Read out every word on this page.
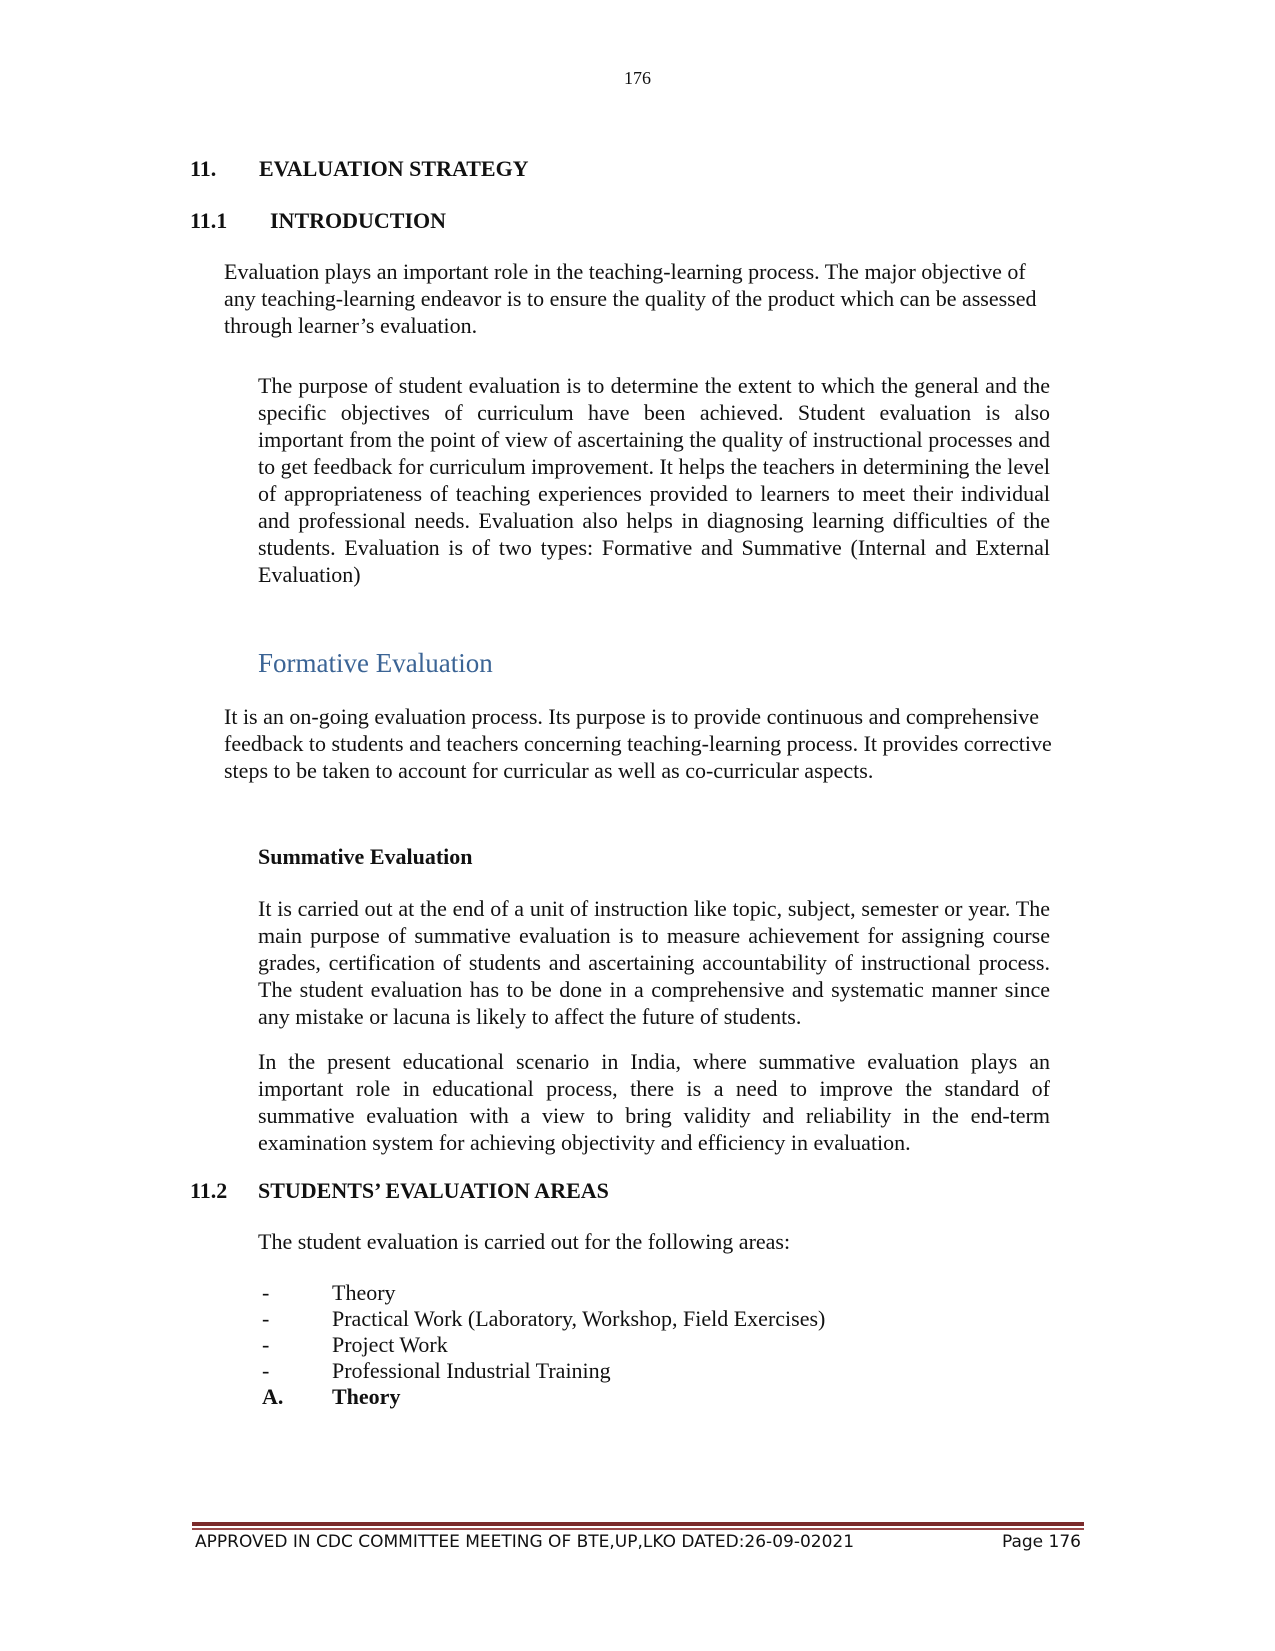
176
11. EVALUATION STRATEGY
11.1 INTRODUCTION
Evaluation plays an important role in the teaching-learning process. The major objective of any teaching-learning endeavor is to ensure the quality of the product which can be assessed through learner’s evaluation.
The purpose of student evaluation is to determine the extent to which the general and the specific objectives of curriculum have been achieved. Student evaluation is also important from the point of view of ascertaining the quality of instructional processes and to get feedback for curriculum improvement. It helps the teachers in determining the level of appropriateness of teaching experiences provided to learners to meet their individual and professional needs. Evaluation also helps in diagnosing learning difficulties of the students. Evaluation is of two types: Formative and Summative (Internal and External Evaluation)
Formative Evaluation
It is an on-going evaluation process. Its purpose is to provide continuous and comprehensive feedback to students and teachers concerning teaching-learning process. It provides corrective steps to be taken to account for curricular as well as co-curricular aspects.
Summative Evaluation
It is carried out at the end of a unit of instruction like topic, subject, semester or year. The main purpose of summative evaluation is to measure achievement for assigning course grades, certification of students and ascertaining accountability of instructional process. The student evaluation has to be done in a comprehensive and systematic manner since any mistake or lacuna is likely to affect the future of students.
In the present educational scenario in India, where summative evaluation plays an important role in educational process, there is a need to improve the standard of summative evaluation with a view to bring validity and reliability in the end-term examination system for achieving objectivity and efficiency in evaluation.
11.2 STUDENTS’ EVALUATION AREAS
The student evaluation is carried out for the following areas:
-	Theory
-	Practical Work (Laboratory, Workshop, Field Exercises)
-	Project Work
-	Professional Industrial Training
A. Theory
APPROVED IN CDC COMMITTEE MEETING OF BTE,UP,LKO DATED:26-09-02021	Page 176
